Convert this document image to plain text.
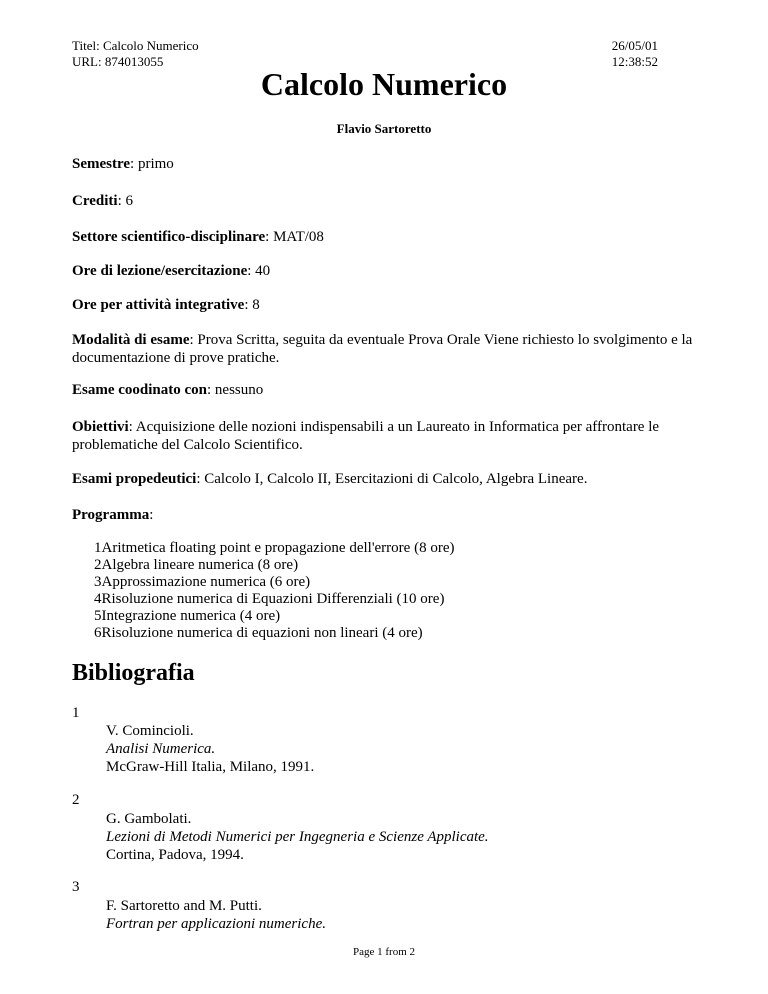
Titel: Calcolo Numerico
URL: 874013055
26/05/01
12:38:52
Calcolo Numerico
Flavio Sartoretto
Semestre: primo
Crediti: 6
Settore scientifico-disciplinare: MAT/08
Ore di lezione/esercitazione: 40
Ore per attività integrative: 8
Modalità di esame: Prova Scritta, seguita da eventuale Prova Orale Viene richiesto lo svolgimento e la documentazione di prove pratiche.
Esame coodinato con: nessuno
Obiettivi: Acquisizione delle nozioni indispensabili a un Laureato in Informatica per affrontare le problematiche del Calcolo Scientifico.
Esami propedeutici: Calcolo I, Calcolo II, Esercitazioni di Calcolo, Algebra Lineare.
Programma:
1Aritmetica floating point e propagazione dell'errore (8 ore)
2Algebra lineare numerica (8 ore)
3Approssimazione numerica (6 ore)
4Risoluzione numerica di Equazioni Differenziali (10 ore)
5Integrazione numerica (4 ore)
6Risoluzione numerica di equazioni non lineari (4 ore)
Bibliografia
1
V. Comincioli.
Analisi Numerica.
McGraw-Hill Italia, Milano, 1991.
2
G. Gambolati.
Lezioni di Metodi Numerici per Ingegneria e Scienze Applicate.
Cortina, Padova, 1994.
3
F. Sartoretto and M. Putti.
Fortran per applicazioni numeriche.
Page 1 from 2
